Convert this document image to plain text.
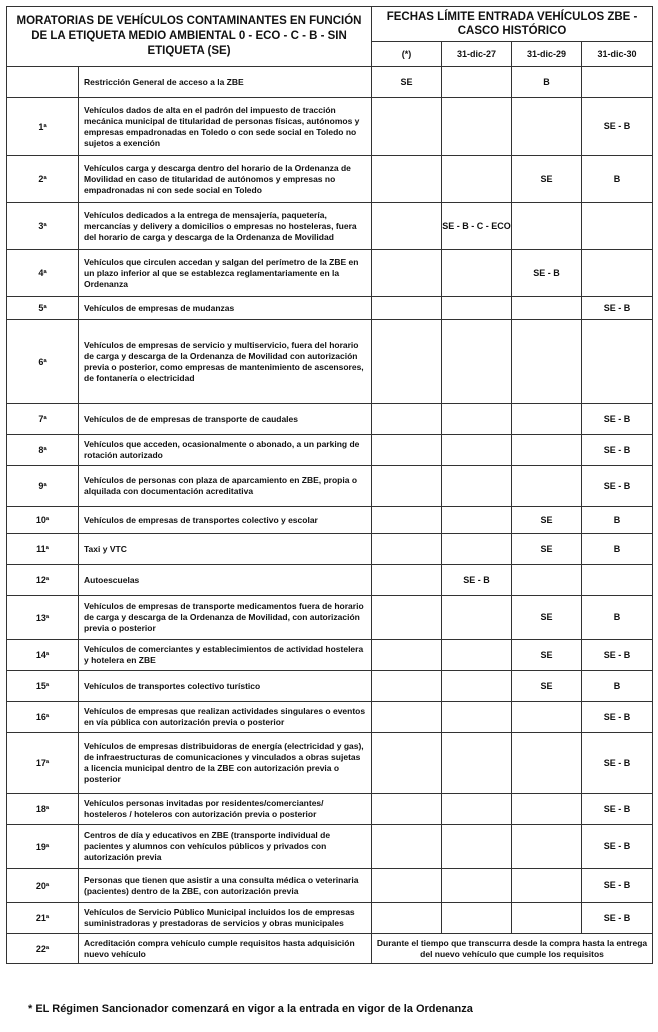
MORATORIAS DE VEHÍCULOS CONTAMINANTES EN FUNCIÓN DE LA ETIQUETA MEDIO AMBIENTAL 0 - ECO - C - B - SIN ETIQUETA (SE)		FECHAS LÍMITE ENTRADA VEHÍCULOS ZBE - CASCO HISTÓRICO			
		(*)	31-dic-27	31-dic-29	31-dic-30
	Restricción General de acceso a la ZBE	SE		B	
1ª	Vehículos dados de alta en el padrón del impuesto de tracción mecánica municipal de titularidad de personas físicas, autónomos y empresas empadronadas en Toledo o con sede social en Toledo no sujetos a exención				SE - B
2ª	Vehículos carga y descarga dentro del horario de la Ordenanza de Movilidad en caso de titularidad de autónomos y empresas no empadronadas ni con sede social en Toledo			SE	B
3ª	Vehículos dedicados a la entrega de mensajería, paquetería, mercancías y delivery a domicilios o empresas no hosteleras, fuera del horario de carga y descarga de la Ordenanza de Movilidad		SE - B - C - ECO		
4ª	Vehículos que circulen accedan y salgan del perímetro de la ZBE en un plazo inferior al que se establezca reglamentariamente en la Ordenanza			SE - B	
5ª	Vehículos de empresas de mudanzas				SE - B
6ª	Vehículos de empresas de servicio y multiservicio, fuera del horario de carga y descarga de la Ordenanza de Movilidad con autorización previa o posterior, como empresas de mantenimiento de ascensores, de fontanería o electricidad				
7ª	Vehículos de de empresas de transporte de caudales				SE - B
8ª	Vehículos que acceden, ocasionalmente o abonado, a un parking de rotación autorizado				SE - B
9ª	Vehículos de personas con plaza de aparcamiento en ZBE, propia o alquilada con documentación acreditativa				SE - B
10ª	Vehículos de empresas de transportes colectivo y escolar			SE	B
11ª	Taxi y VTC			SE	B
12ª	Autoescuelas		SE - B		
13ª	Vehículos de empresas de transporte medicamentos fuera de horario de carga y descarga de la Ordenanza de Movilidad, con autorización previa o posterior			SE	B
14ª	Vehículos de comerciantes y establecimientos de actividad hostelera y hotelera en ZBE			SE	SE - B
15ª	Vehículos de transportes colectivo turístico			SE	B
16ª	Vehículos de empresas que realizan actividades singulares o eventos en vía pública con autorización previa o posterior				SE - B
17ª	Vehículos de empresas distribuidoras de energía (electricidad y gas), de infraestructuras de comunicaciones y vinculados a obras sujetas a licencia municipal dentro de la ZBE con autorización previa o posterior				SE - B
18ª	Vehículos personas invitadas por residentes/comerciantes/ hosteleros / hoteleros con autorización previa o posterior				SE - B
19ª	Centros de día y educativos en ZBE (transporte individual de pacientes y alumnos con vehículos públicos y privados con autorización previa				SE - B
20ª	Personas que tienen que asistir a una consulta médica o veterinaria (pacientes) dentro de la ZBE, con autorización previa				SE - B
21ª	Vehículos de Servicio Público Municipal incluidos los de empresas suministradoras y prestadoras de servicios y obras municipales				SE - B
22ª	Acreditación compra vehículo cumple requisitos hasta adquisición nuevo vehículo	Durante el tiempo que transcurra desde la compra hasta la entrega del nuevo vehículo que cumple los requisitos			
* EL Régimen Sancionador comenzará en vigor a la entrada en vigor de la Ordenanza
